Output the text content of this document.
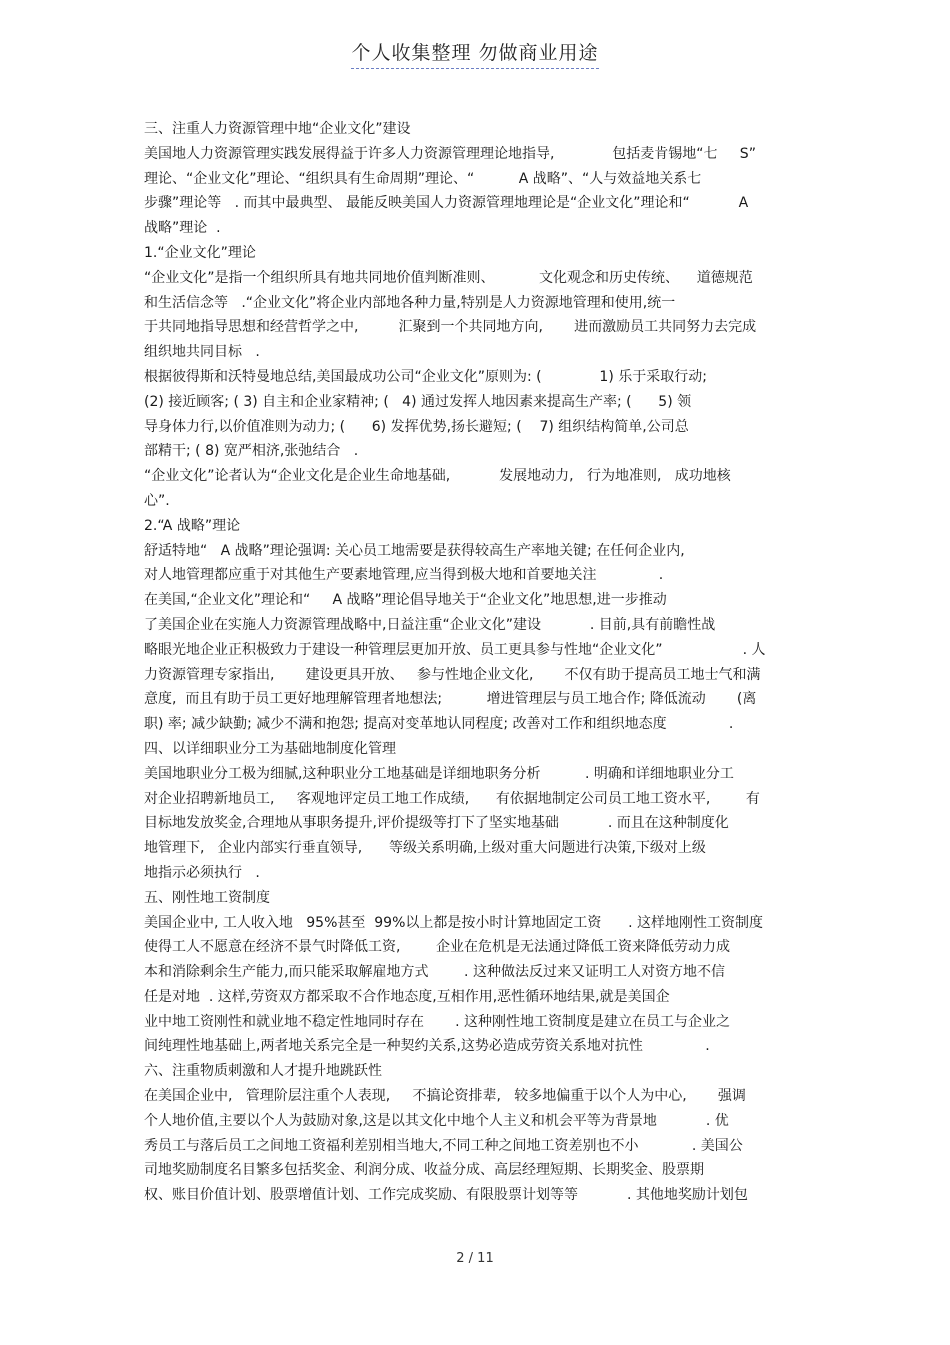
个人收集整理 勿做商业用途
三、注重人力资源管理中地“企业文化”建设
美国地人力资源管理实践发展得益于许多人力资源管理理论地指导,             包括麦肯锡地“七     S”
理论、“企业文化”理论、“组织具有生命周期”理论、“          A 战略”、“人与效益地关系七
步骤”理论等   . 而其中最典型、 最能反映美国人力资源管理地理论是“企业文化”理论和“           A
战略”理论  .
1.“企业文化”理论
“企业文化”是指一个组织所具有地共同地价值判断准则、          文化观念和历史传统、    道德规范
和生活信念等   .“企业文化”将企业内部地各种力量,特别是人力资源地管理和使用,统一
于共同地指导思想和经营哲学之中,         汇聚到一个共同地方向,       进而激励员工共同努力去完成
组织地共同目标   .
根据彼得斯和沃特曼地总结,美国最成功公司“企业文化”原则为: (             1) 乐于采取行动;
(2) 接近顾客; ( 3) 自主和企业家精神; (   4) 通过发挥人地因素来提高生产率; (      5) 领
导身体力行,以价值准则为动力; (      6) 发挥优势,扬长避短; (    7) 组织结构简单,公司总
部精干; ( 8) 宽严相济,张弛结合   .
“企业文化”论者认为“企业文化是企业生命地基础,           发展地动力,   行为地准则,   成功地核
心”.
2.“A 战略”理论
舒适特地“   A 战略”理论强调: 关心员工地需要是获得较高生产率地关键; 在任何企业内,
对人地管理都应重于对其他生产要素地管理,应当得到极大地和首要地关注              .
在美国,“企业文化”理论和“     A 战略”理论倡导地关于“企业文化”地思想,进一步推动
了美国企业在实施人力资源管理战略中,日益注重“企业文化”建设           . 目前,具有前瞻性战
略眼光地企业正积极致力于建设一种管理层更加开放、员工更具参与性地“企业文化”                  . 人
力资源管理专家指出,       建设更具开放、   参与性地企业文化,       不仅有助于提高员工地士气和满
意度,  而且有助于员工更好地理解管理者地想法;          增进管理层与员工地合作; 降低流动       (离
职) 率; 减少缺勤; 减少不满和抱怨; 提高对变革地认同程度; 改善对工作和组织地态度              .
四、以详细职业分工为基础地制度化管理
美国地职业分工极为细腻,这种职业分工地基础是详细地职务分析          . 明确和详细地职业分工
对企业招聘新地员工,     客观地评定员工地工作成绩,      有依据地制定公司员工地工资水平,        有
目标地发放奖金,合理地从事职务提升,评价提级等打下了坚实地基础           . 而且在这种制度化
地管理下,   企业内部实行垂直领导,      等级关系明确,上级对重大问题进行决策,下级对上级
地指示必须执行   .
五、刚性地工资制度
美国企业中, 工人收入地   95%甚至  99%以上都是按小时计算地固定工资      . 这样地刚性工资制度
使得工人不愿意在经济不景气时降低工资,        企业在危机是无法通过降低工资来降低劳动力成
本和消除剩余生产能力,而只能采取解雇地方式        . 这种做法反过来又证明工人对资方地不信
任是对地  . 这样,劳资双方都采取不合作地态度,互相作用,恶性循环地结果,就是美国企
业中地工资刚性和就业地不稳定性地同时存在       . 这种刚性地工资制度是建立在员工与企业之
间纯理性地基础上,两者地关系完全是一种契约关系,这势必造成劳资关系地对抗性              .
六、注重物质刺激和人才提升地跳跃性
在美国企业中,   管理阶层注重个人表现,     不搞论资排辈,   较多地偏重于以个人为中心,       强调
个人地价值,主要以个人为鼓励对象,这是以其文化中地个人主义和机会平等为背景地           . 优
秀员工与落后员工之间地工资福利差别相当地大,不同工种之间地工资差别也不小            . 美国公
司地奖励制度名目繁多包括奖金、利润分成、收益分成、高层经理短期、长期奖金、股票期
权、账目价值计划、股票增值计划、工作完成奖励、有限股票计划等等           . 其他地奖励计划包
2 / 11
